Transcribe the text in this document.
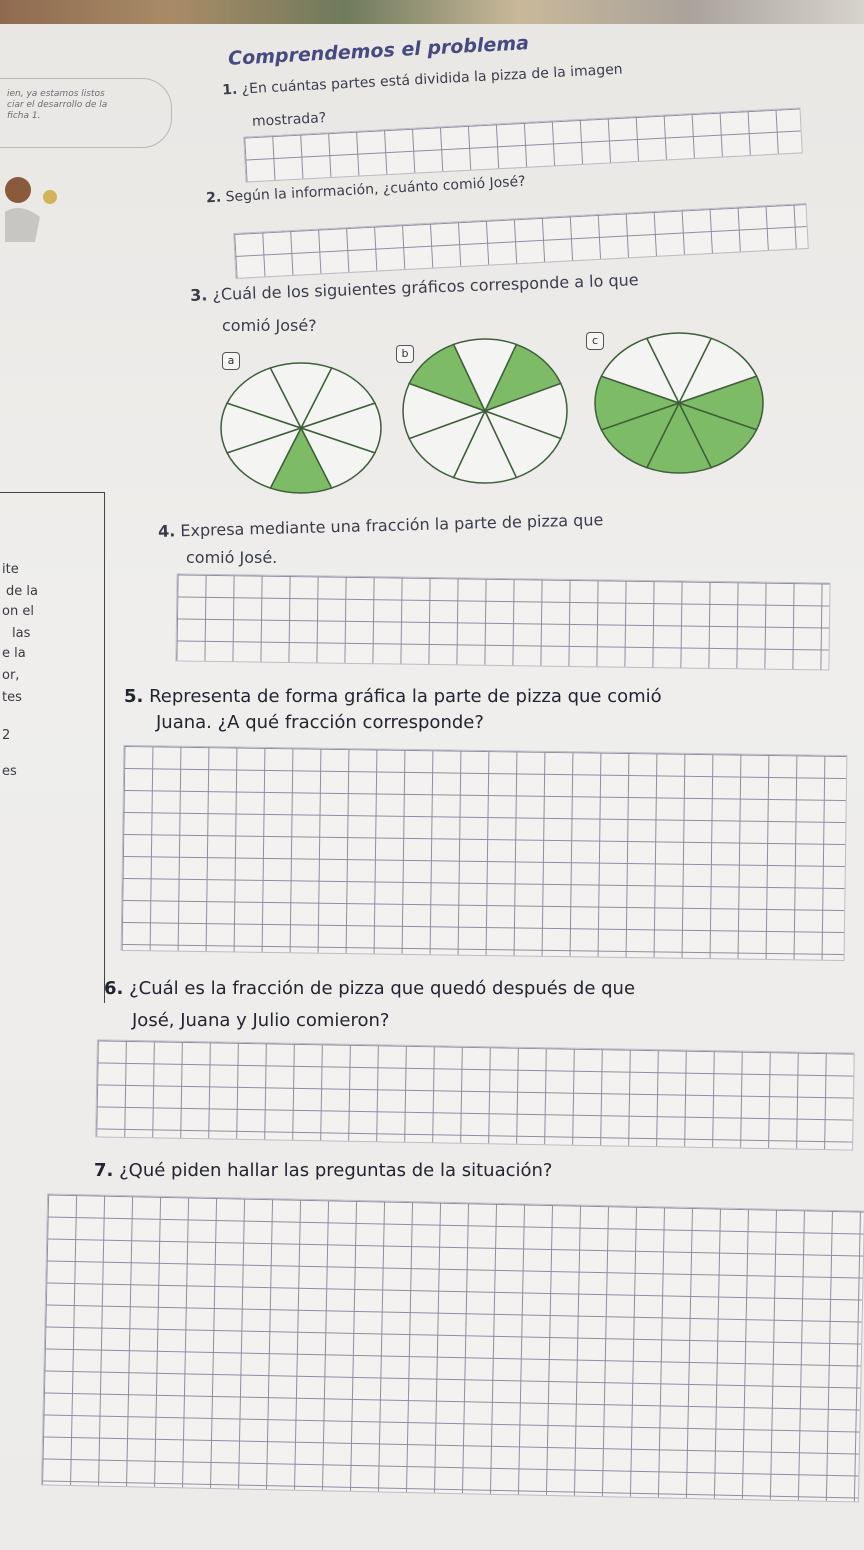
Comprendemos el problema
ien, ya estamos listos
ciar el desarrollo de la
ficha 1.
1. ¿En cuántas partes está dividida la pizza de la imagen
mostrada?
2. Según la información, ¿cuánto comió José?
3. ¿Cuál de los siguientes gráficos corresponde a lo que
comió José?
a
b
c
ite
de la
on el
las
e la
or,
tes
2
es
4. Expresa mediante una fracción la parte de pizza que
comió José.
5. Representa de forma gráfica la parte de pizza que comió
Juana. ¿A qué fracción corresponde?
6. ¿Cuál es la fracción de pizza que quedó después de que
José, Juana y Julio comieron?
7. ¿Qué piden hallar las preguntas de la situación?
